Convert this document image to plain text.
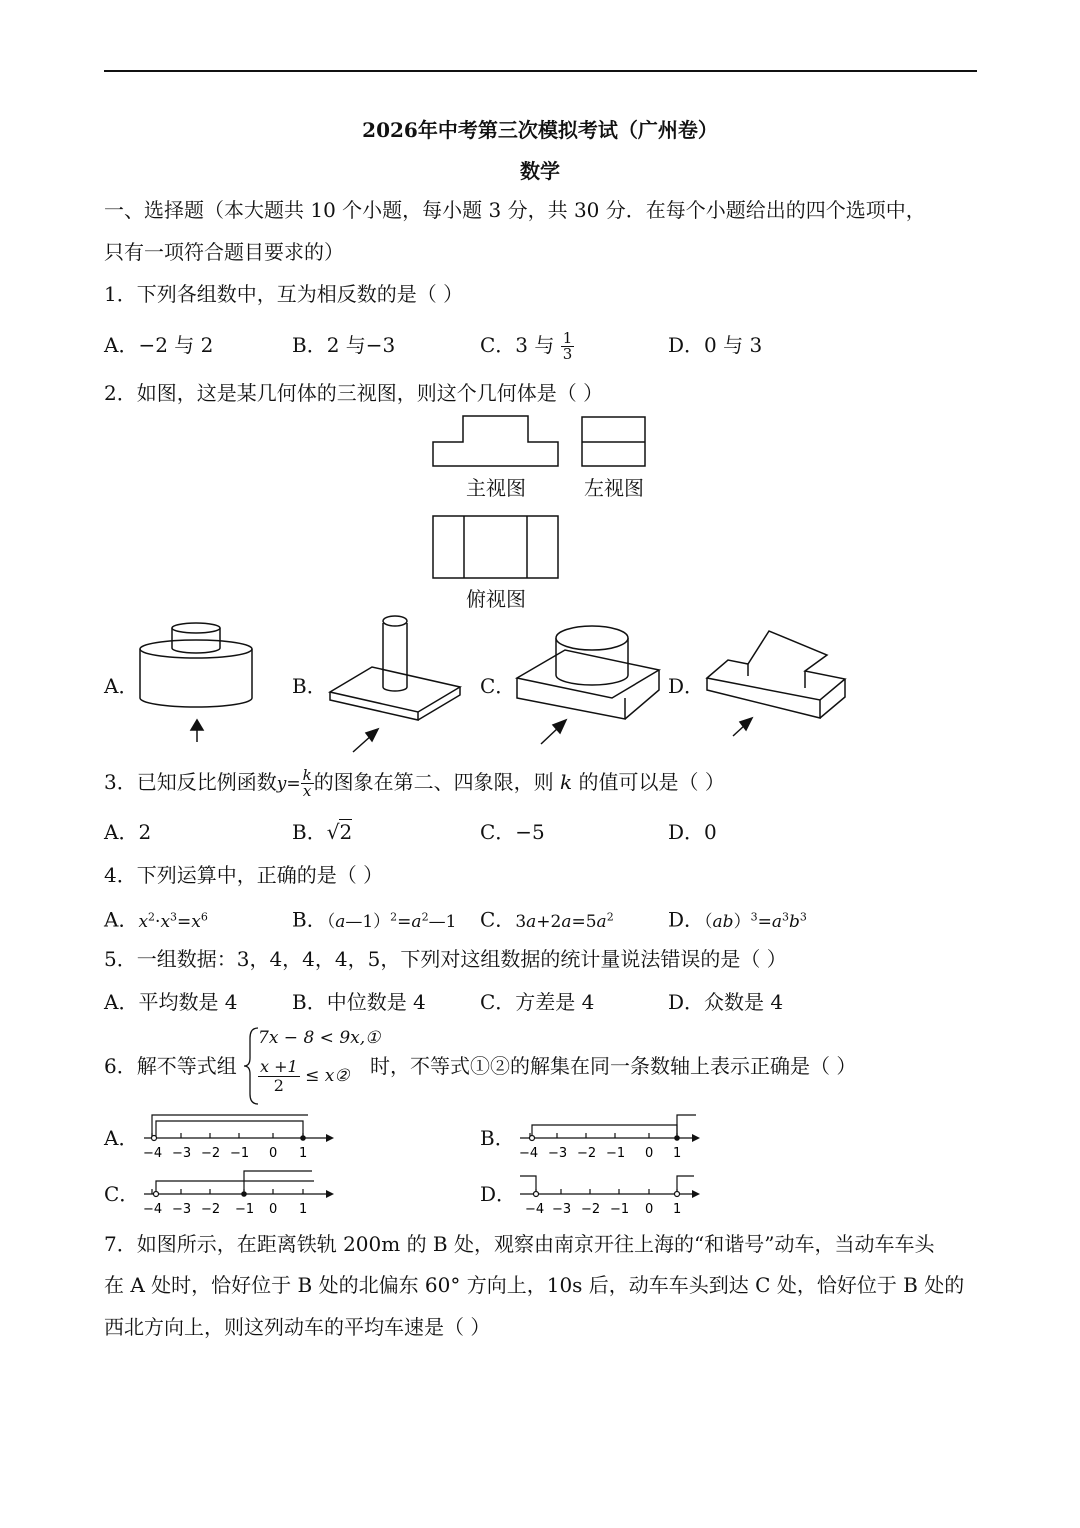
2026年中考第三次模拟考试（广州卷）
数学
一、选择题（本大题共 10 个小题，每小题 3 分，共 30 分．在每个小题给出的四个选项中，
只有一项符合题目要求的）
1．下列各组数中，互为相反数的是（ ）
A．−2 与 2	B．2 与−3	C．3 与 $\frac{1}{3}$	D．0 与 3
2．如图，这是某几何体的三视图，则这个几何体是（ ）
主视图	左视图
俯视图
A．	B．	C．	D．
3．已知反比例函数$y= \frac{k}{x}$ 的图象在第二、四象限，则 k 的值可以是（ ）
A．2	B．√2	C．−5	D．0
4．下列运算中，正确的是（ ）
A．$x^2\cdot x^3=x^6$	B．$(a—1)^2=a^2—1$ C．$3a+2a=5a^2$	D．$(ab)^3=a^3b^3$
5．一组数据：3，4，4，4，5，下列对这组数据的统计量说法错误的是（ ）
A．平均数是 4	B．中位数是 4	C．方差是 4	D．众数是 4
6．解不等式组
7x − 8 < 9x,①
$\frac{x +1}{2}$ ≤ x② 时，不等式①②的解集在同一条数轴上表示正确是（ ）
A．	B．
C．	D．
−4 −3 −2 −1 0 1	−4 −3 −2 −1 0 1
−4 −3 −2 −1 0 1	−4 −3 −2 −1 0 1
7．如图所示，在距离铁轨 200m 的 B 处，观察由南京开往上海的“和谐号”动车，当动车车头
在 A 处时，恰好位于 B 处的北偏东 60° 方向上，10s 后，动车车头到达 C 处，恰好位于 B 处的
西北方向上，则这列动车的平均车速是（ ）
